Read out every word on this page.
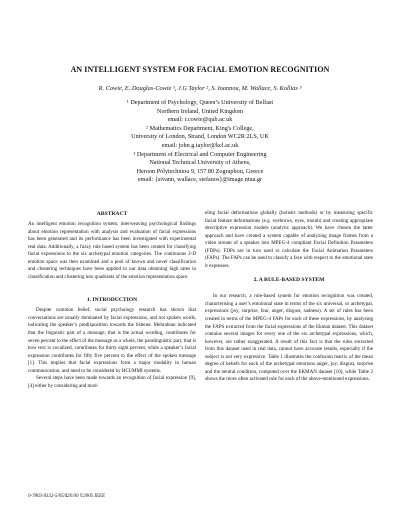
AN INTELLIGENT SYSTEM FOR FACIAL EMOTION RECOGNITION
R. Cowie, E. Douglas-Cowie ¹, J.G Taylor ², S. Ioannou, M. Wallace, S. Kollias ³
¹ Department of Psychology, Queen’s University of Belfast
Northern Ireland, United Kingdom
email: r.cowie@qub.ac.uk
² Mathematics Department, King's College,
University of London, Strand, London WC2R 2LS, UK
email: john.g.taylor@kcl.ac.uk
³ Department of Electrical and Computer Engineering
National Technical University of Athens,
Heroon Polytechniou 9, 157 80 Zographou, Greece
email: {sivann, wallace, stefanos}@image.ntua.gr
ABSTRACT

An intelligent emotion recognition system, interweaving psychological findings about emotion representation with analysis and evaluation of facial expressions has been generated and its performance has been investigated with experimental real data. Additionally, a fuzzy rule based system has been created for classifying facial expressions to the six archetypal emotion categories. The continuous 2-D emotion space was then examined and a pool of known and novel classification and clustering techniques have been applied to our data obtaining high rates in classification and clustering into quadrants of the emotion representation space.

1. INTRODUCTION

Despite common belief, social psychology research has shown that conversations are usually dominated by facial expressions, and not spoken words, indicating the speaker’s predisposition towards the listener. Mehrabian indicated that the linguistic part of a message, that is the actual wording, contributes for seven percent to the effect of the message as a whole, the paralinguistic part, that is how text is vocalized, contributes for thirty eight percent, while a speaker’s facial expression contributes for fifty five percent to the effect of the spoken message [1]. This implies that facial expressions form a major modality in human communication, and need to be considered by HCI/MMI systems.

Several steps have been made towards an recognition of facial expression [9],[4] either by considering and mod-

eling facial deformations globally (holistic methods) or by measuring specific facial feature deformations (e.g. eyebrows, eyes, mouth) and creating appropriate descriptive expression models (analytic approach). We have chosen the latter approach and have created a system capable of analyzing image frames from a video stream of a speaker into MPEG-4 compliant Facial Definition Parameters (FDPs). FDPs are in turn used to calculate the Facial Animation Parameters (FAPs). The FAPs can be used to classify a face with respect to the emotional state it expresses.

2. A RULE-BASED SYSTEM

In our research, a rule-based system for emotion recognition was created, characterising a user’s emotional state in terms of the six universal, or archetypal, expressions (joy, surprise, fear, anger, disgust, sadness). A set of rules has been created in terms of the MPEG-4 FAPs for each of these expressions, by analysing the FAPS extracted from the facial expressions of the Ekman dataset. This dataset contains several images for every one of the six archetypal expressions, which, however, are rather exaggerated. A result of this fact is that the rules extracted from this dataset used in real data, cannot have accurate results, especially if the subject is not very expressive. Table 1 illustrates the confusion matrix of the mean degree of beliefs for each of the archetypal emotions anger, joy, disgust, surprise and the neutral condition, computed over the EKMAN dataset [10], while Table 2 shows the more often activated rule for each of the above-mentioned expressions.

0-7803-9332-5/05/$20.00 ©2005 IEEE
